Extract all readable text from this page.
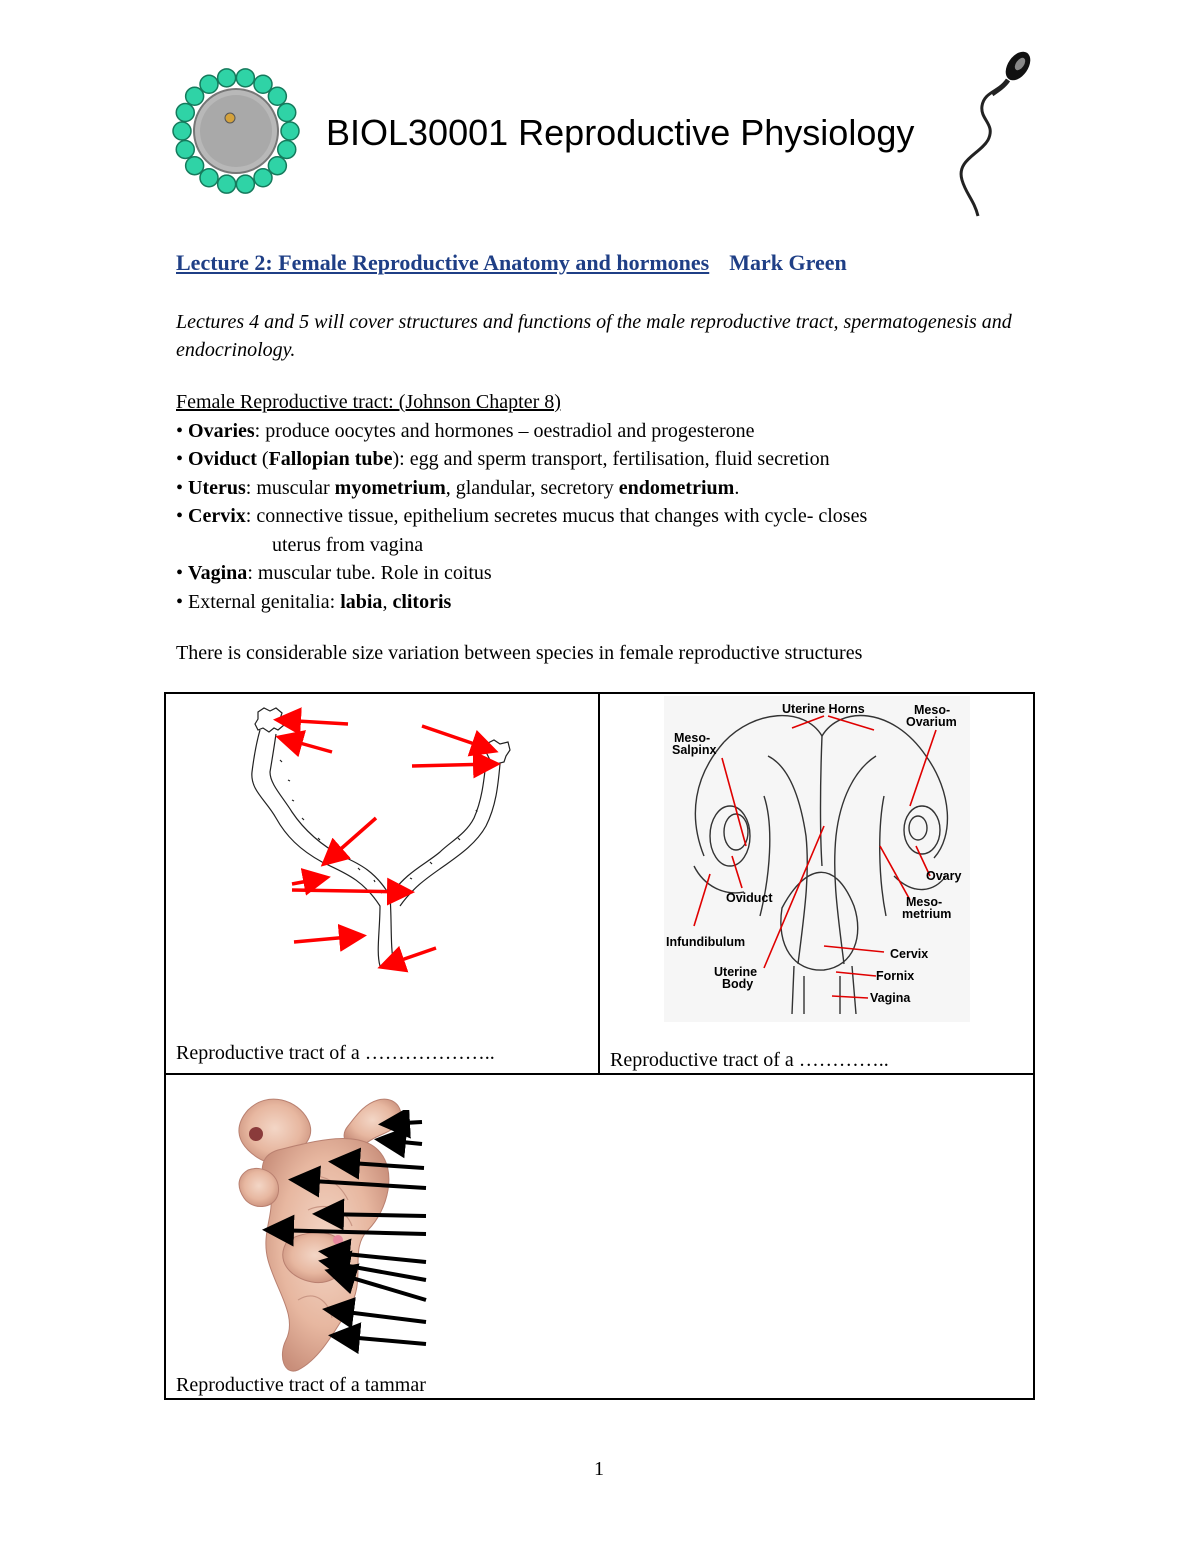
BIOL30001 Reproductive Physiology
Lecture 2: Female Reproductive Anatomy and hormones Mark Green
Lectures 4 and 5 will cover structures and functions of the male reproductive tract, spermatogenesis and endocrinology.
Female Reproductive tract: (Johnson Chapter 8)
• Ovaries: produce oocytes and hormones – oestradiol and progesterone
• Oviduct (Fallopian tube): egg and sperm transport, fertilisation, fluid secretion
• Uterus: muscular myometrium, glandular, secretory endometrium.
• Cervix: connective tissue, epithelium secretes mucus that changes with cycle- closes
uterus from vagina
• Vagina: muscular tube. Role in coitus
• External genitalia: labia, clitoris
There is considerable size variation between species in female reproductive structures
Reproductive tract of a ………………..
Uterine Horns	Meso-
Ovarium
Meso-
Salpinx
Ovary
Oviduct	Meso-
metrium
Infundibulum
Cervix
Uterine
Body
Fornix
Vagina
Reproductive tract of a …………..
Reproductive tract of a tammar
1
